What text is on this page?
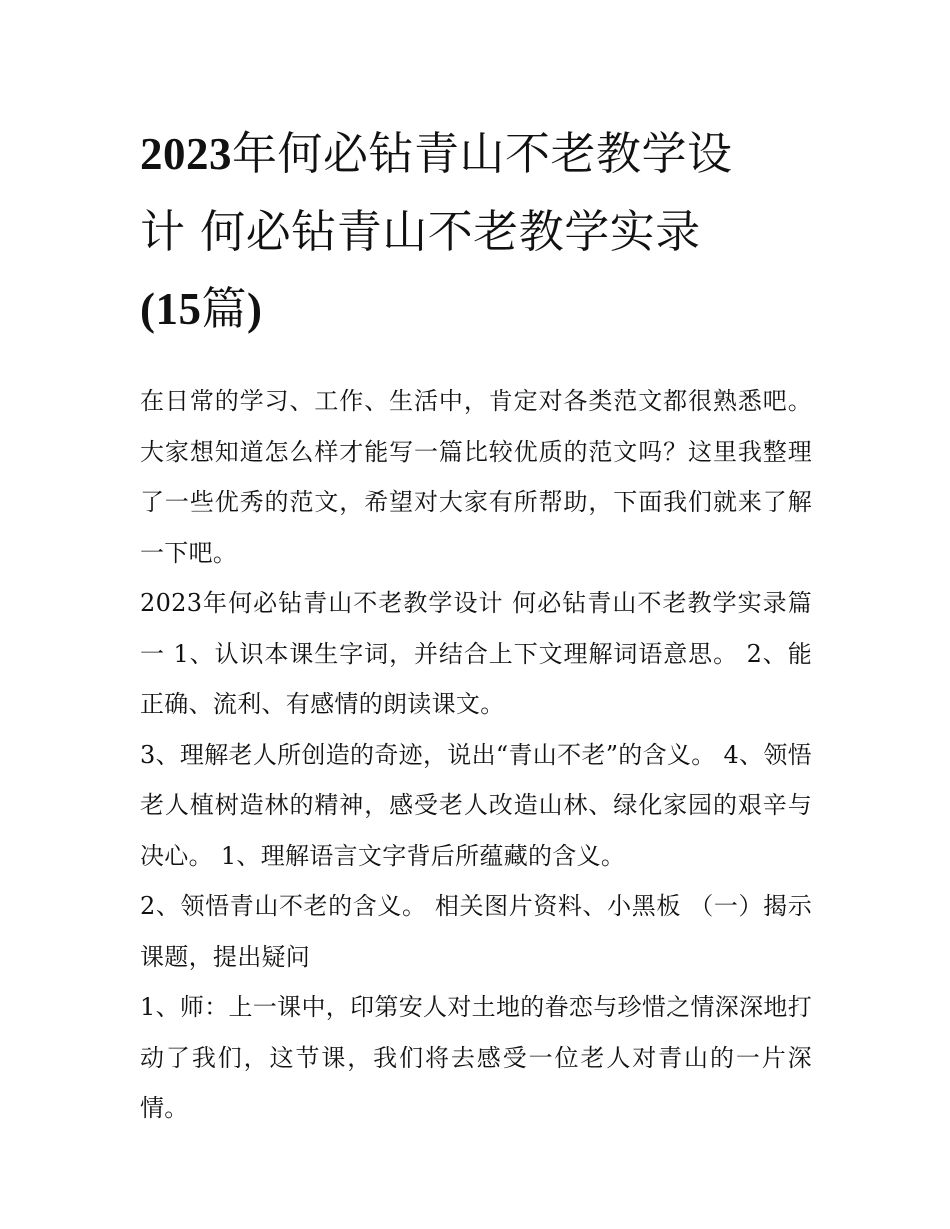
2023年何必钻青山不老教学设
计 何必钻青山不老教学实录
(15篇)

在日常的学习、工作、生活中，肯定对各类范文都很熟悉吧。大家想知道怎么样才能写一篇比较优质的范文吗？这里我整理了一些优秀的范文，希望对大家有所帮助，下面我们就来了解一下吧。

2023年何必钻青山不老教学设计 何必钻青山不老教学实录篇一 1、认识本课生字词，并结合上下文理解词语意思。 2、能正确、流利、有感情的朗读课文。

3、理解老人所创造的奇迹，说出“青山不老”的含义。 4、领悟老人植树造林的精神，感受老人改造山林、绿化家园的艰辛与决心。 1、理解语言文字背后所蕴藏的含义。

2、领悟青山不老的含义。 相关图片资料、小黑板 （一）揭示课题，提出疑问

1、师：上一课中，印第安人对土地的眷恋与珍惜之情深深地打动了我们，这节课，我们将去感受一位老人对青山的一片深情。
